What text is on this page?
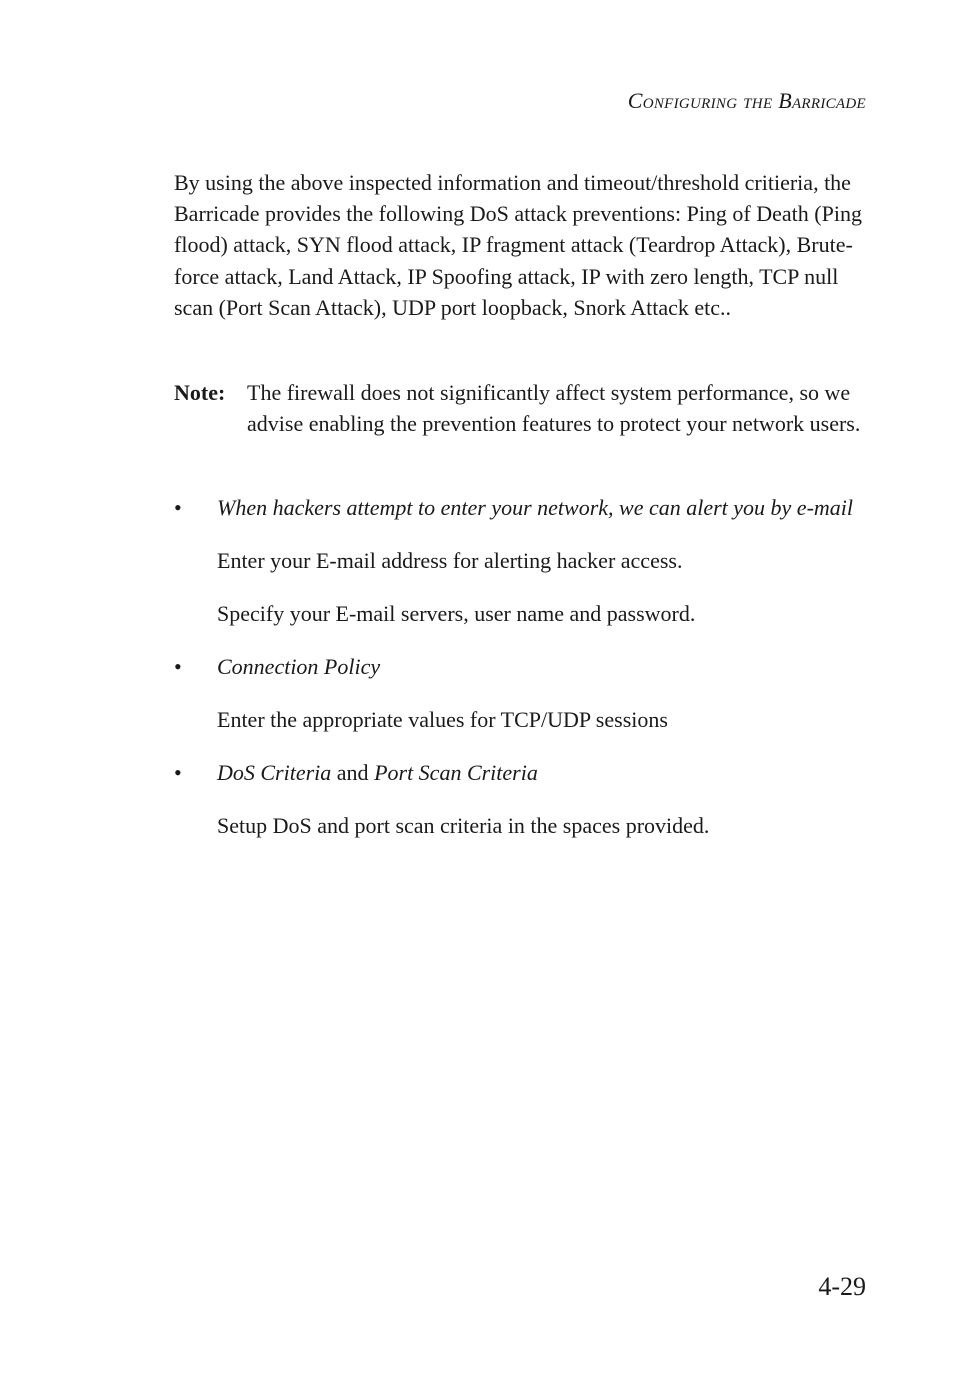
Configuring the Barricade
By using the above inspected information and timeout/threshold critieria, the Barricade provides the following DoS attack preventions: Ping of Death (Ping flood) attack, SYN flood attack, IP fragment attack (Teardrop Attack), Brute-force attack, Land Attack, IP Spoofing attack, IP with zero length, TCP null scan (Port Scan Attack), UDP port loopback, Snork Attack etc..
Note: The firewall does not significantly affect system performance, so we advise enabling the prevention features to protect your network users.
• When hackers attempt to enter your network, we can alert you by e-mail
Enter your E-mail address for alerting hacker access.
Specify your E-mail servers, user name and password.
• Connection Policy
Enter the appropriate values for TCP/UDP sessions
• DoS Criteria and Port Scan Criteria
Setup DoS and port scan criteria in the spaces provided.
4-29
